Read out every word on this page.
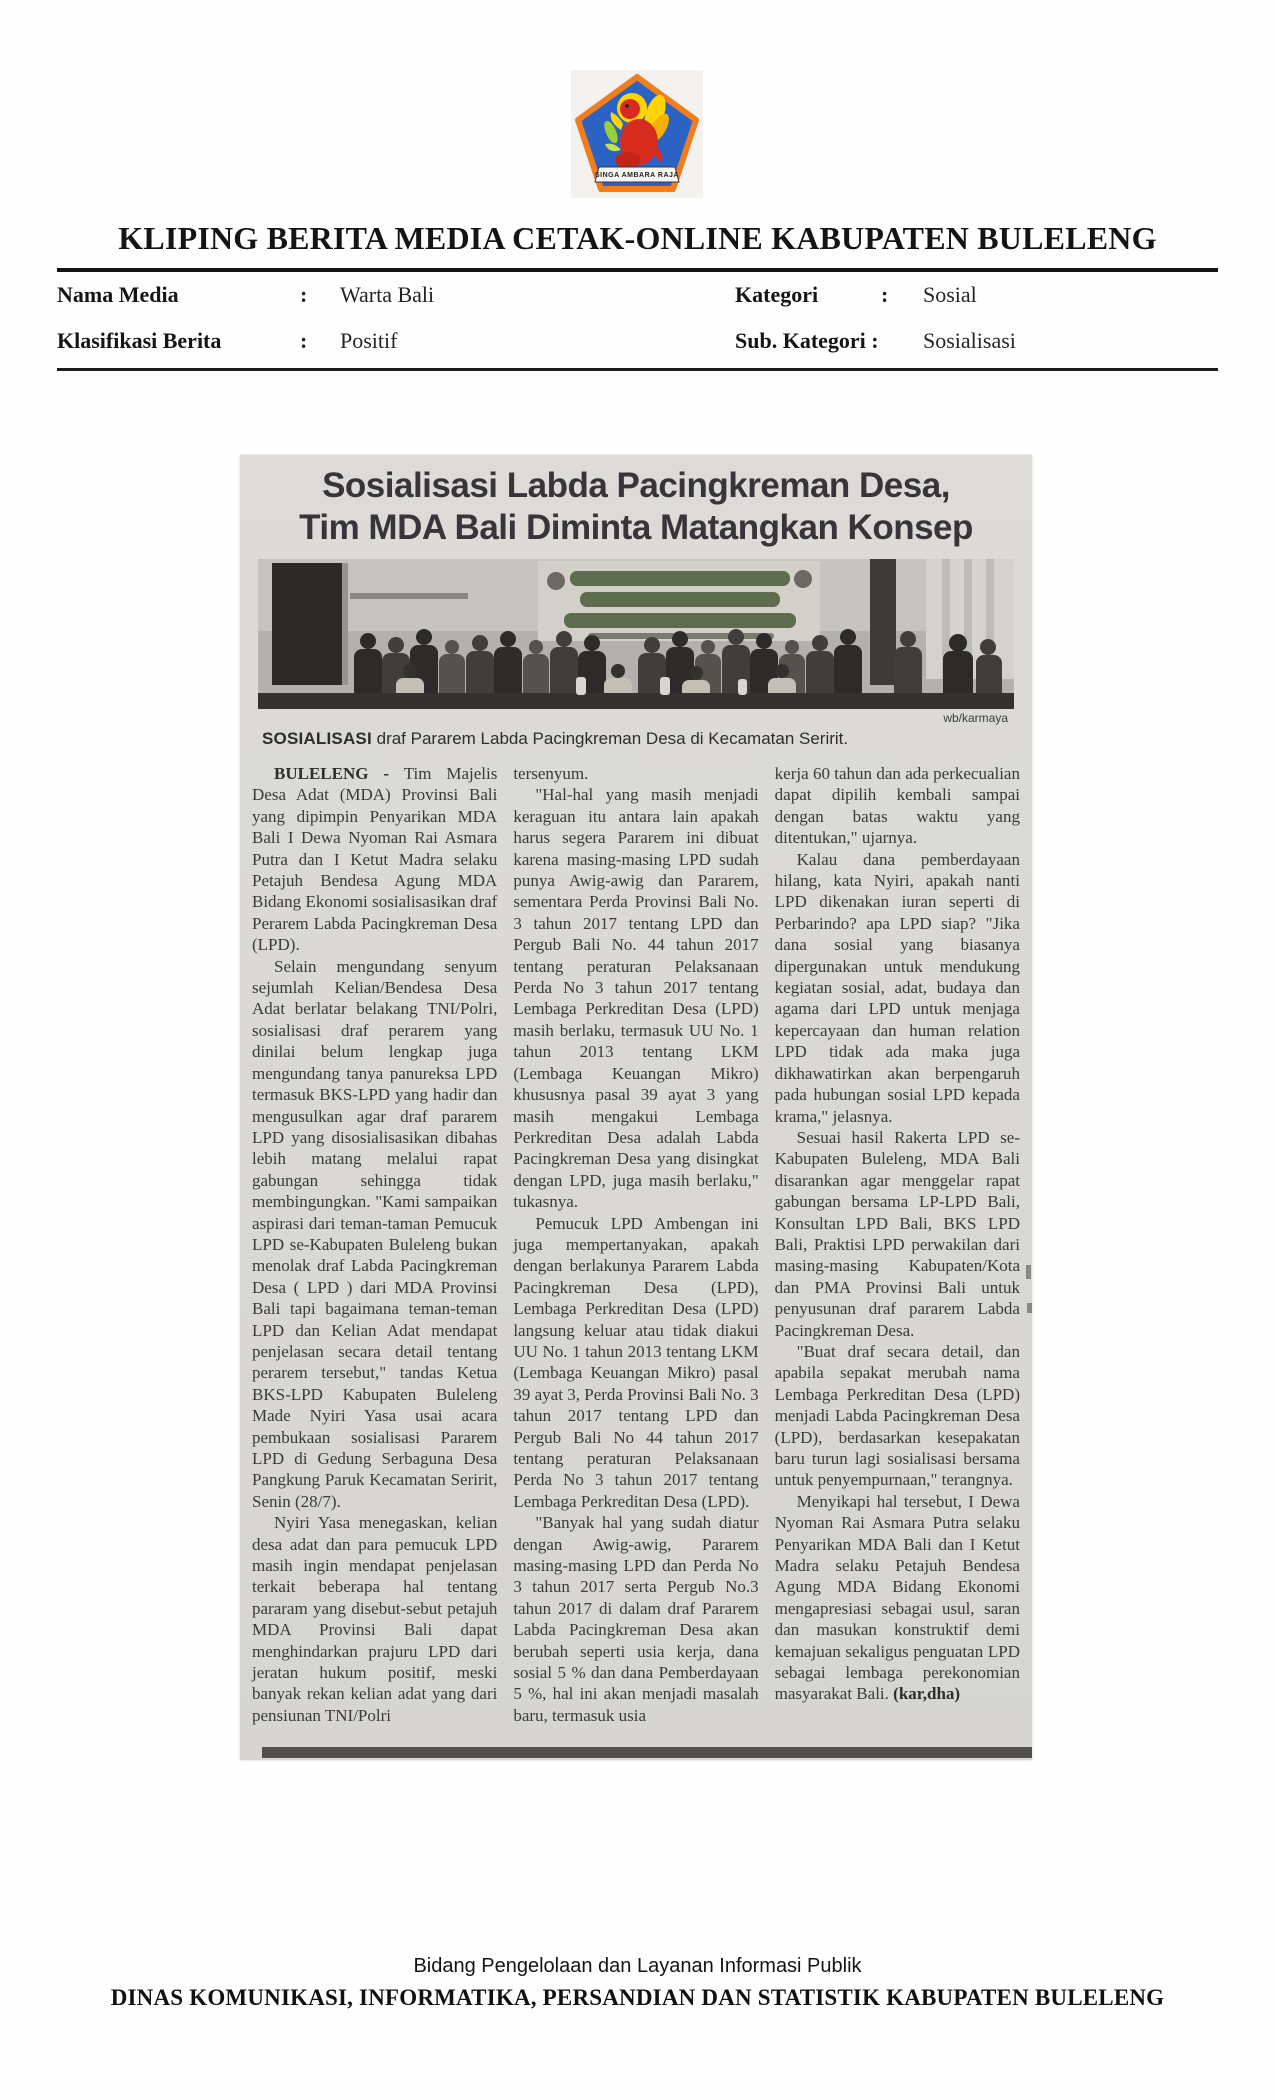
SINGA AMBARA RAJA
KLIPING BERITA MEDIA CETAK-ONLINE KABUPATEN BULELENG
Nama Media	: Warta Bali	Kategori	: Sosial
Klasifikasi Berita	: Positif	Sub. Kategori : Sosialisasi
Sosialisasi Labda Pacingkreman Desa,
Tim MDA Bali Diminta Matangkan Konsep
wb/karmaya
SOSIALISASI draf Pararem Labda Pacingkreman Desa di Kecamatan Seririt.

BULELENG - Tim Majelis Desa Adat (MDA) Provinsi Bali yang dipimpin Penyarikan MDA Bali I Dewa Nyoman Rai Asmara Putra dan I Ketut Madra selaku Petajuh Bendesa Agung MDA Bidang Ekonomi sosialisasikan draf Perarem Labda Pacingkreman Desa (LPD).

Selain mengundang senyum sejumlah Kelian/Bendesa Desa Adat berlatar belakang TNI/Polri, sosialisasi draf perarem yang dinilai belum lengkap juga mengundang tanya panureksa LPD termasuk BKS-LPD yang hadir dan mengusulkan agar draf pararem LPD yang disosialisasikan dibahas lebih matang melalui rapat gabungan sehingga tidak membingungkan. "Kami sampaikan aspirasi dari teman-taman Pemucuk LPD se-Kabupaten Buleleng bukan menolak draf Labda Pacingkreman Desa ( LPD ) dari MDA Provinsi Bali tapi bagaimana teman-teman LPD dan Kelian Adat mendapat penjelasan secara detail tentang perarem tersebut," tandas Ketua BKS-LPD Kabupaten Buleleng Made Nyiri Yasa usai acara pembukaan sosialisasi Pararem LPD di Gedung Serbaguna Desa Pangkung Paruk Kecamatan Seririt, Senin (28/7).

Nyiri Yasa menegaskan, kelian desa adat dan para pemucuk LPD masih ingin mendapat penjelasan terkait beberapa hal tentang pararam yang disebut-sebut petajuh MDA Provinsi Bali dapat menghindarkan prajuru LPD dari jeratan hukum positif, meski banyak rekan kelian adat yang dari pensiunan TNI/Polri

tersenyum.

"Hal-hal yang masih menjadi keraguan itu antara lain apakah harus segera Pararem ini dibuat karena masing-masing LPD sudah punya Awig-awig dan Pararem, sementara Perda Provinsi Bali No. 3 tahun 2017 tentang LPD dan Pergub Bali No. 44 tahun 2017 tentang peraturan Pelaksanaan Perda No 3 tahun 2017 tentang Lembaga Perkreditan Desa (LPD) masih berlaku, termasuk UU No. 1 tahun 2013 tentang LKM (Lembaga Keuangan Mikro) khususnya pasal 39 ayat 3 yang masih mengakui Lembaga Perkreditan Desa adalah Labda Pacingkreman Desa yang disingkat dengan LPD, juga masih berlaku," tukasnya.

Pemucuk LPD Ambengan ini juga mempertanyakan, apakah dengan berlakunya Pararem Labda Pacingkreman Desa (LPD), Lembaga Perkreditan Desa (LPD) langsung keluar atau tidak diakui UU No. 1 tahun 2013 tentang LKM (Lembaga Keuangan Mikro) pasal 39 ayat 3, Perda Provinsi Bali No. 3 tahun 2017 tentang LPD dan Pergub Bali No 44 tahun 2017 tentang peraturan Pelaksanaan Perda No 3 tahun 2017 tentang Lembaga Perkreditan Desa (LPD).

"Banyak hal yang sudah diatur dengan Awig-awig, Pararem masing-masing LPD dan Perda No 3 tahun 2017 serta Pergub No.3 tahun 2017 di dalam draf Pararem Labda Pacingkreman Desa akan berubah seperti usia kerja, dana sosial 5 % dan dana Pemberdayaan 5 %, hal ini akan menjadi masalah baru, termasuk usia

kerja 60 tahun dan ada perkecualian dapat dipilih kembali sampai dengan batas waktu yang ditentukan," ujarnya.

Kalau dana pemberdayaan hilang, kata Nyiri, apakah nanti LPD dikenakan iuran seperti di Perbarindo? apa LPD siap? "Jika dana sosial yang biasanya dipergunakan untuk mendukung kegiatan sosial, adat, budaya dan agama dari LPD untuk menjaga kepercayaan dan human relation LPD tidak ada maka juga dikhawatirkan akan berpengaruh pada hubungan sosial LPD kepada krama," jelasnya.

Sesuai hasil Rakerta LPD se-Kabupaten Buleleng, MDA Bali disarankan agar menggelar rapat gabungan bersama LP-LPD Bali, Konsultan LPD Bali, BKS LPD Bali, Praktisi LPD perwakilan dari masing-masing Kabupaten/Kota dan PMA Provinsi Bali untuk penyusunan draf pararem Labda Pacingkreman Desa.

"Buat draf secara detail, dan apabila sepakat merubah nama Lembaga Perkreditan Desa (LPD) menjadi Labda Pacingkreman Desa (LPD), berdasarkan kesepakatan baru turun lagi sosialisasi bersama untuk penyempurnaan," terangnya.

Menyikapi hal tersebut, I Dewa Nyoman Rai Asmara Putra selaku Penyarikan MDA Bali dan I Ketut Madra selaku Petajuh Bendesa Agung MDA Bidang Ekonomi mengapresiasi sebagai usul, saran dan masukan konstruktif demi kemajuan sekaligus penguatan LPD sebagai lembaga perekonomian masyarakat Bali. (kar,dha)

Bidang Pengelolaan dan Layanan Informasi Publik
DINAS KOMUNIKASI, INFORMATIKA, PERSANDIAN DAN STATISTIK KABUPATEN BULELENG
